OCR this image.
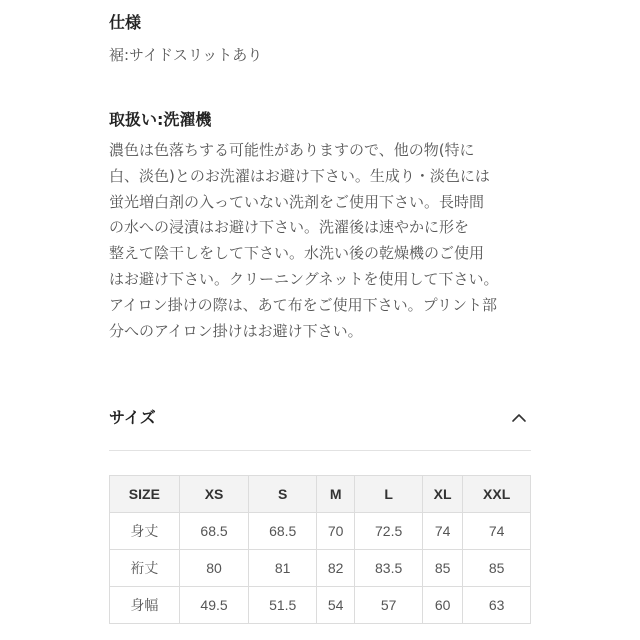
仕様
裾:サイドスリットあり
取扱い:洗濯機
濃色は色落ちする可能性がありますので、他の物(特に
白、淡色)とのお洗濯はお避け下さい。生成り・淡色には
蛍光増白剤の入っていない洗剤をご使用下さい。長時間
の水への浸漬はお避け下さい。洗濯後は速やかに形を
整えて陰干しをして下さい。水洗い後の乾燥機のご使用
はお避け下さい。クリーニングネットを使用して下さい。
アイロン掛けの際は、あて布をご使用下さい。プリント部
分へのアイロン掛けはお避け下さい。
サイズ
SIZE	XS	S	M	L	XL	XXL
身丈	68.5	68.5	70	72.5	74	74
裄丈	80	81	82	83.5	85	85
身幅	49.5	51.5	54	57	60	63
